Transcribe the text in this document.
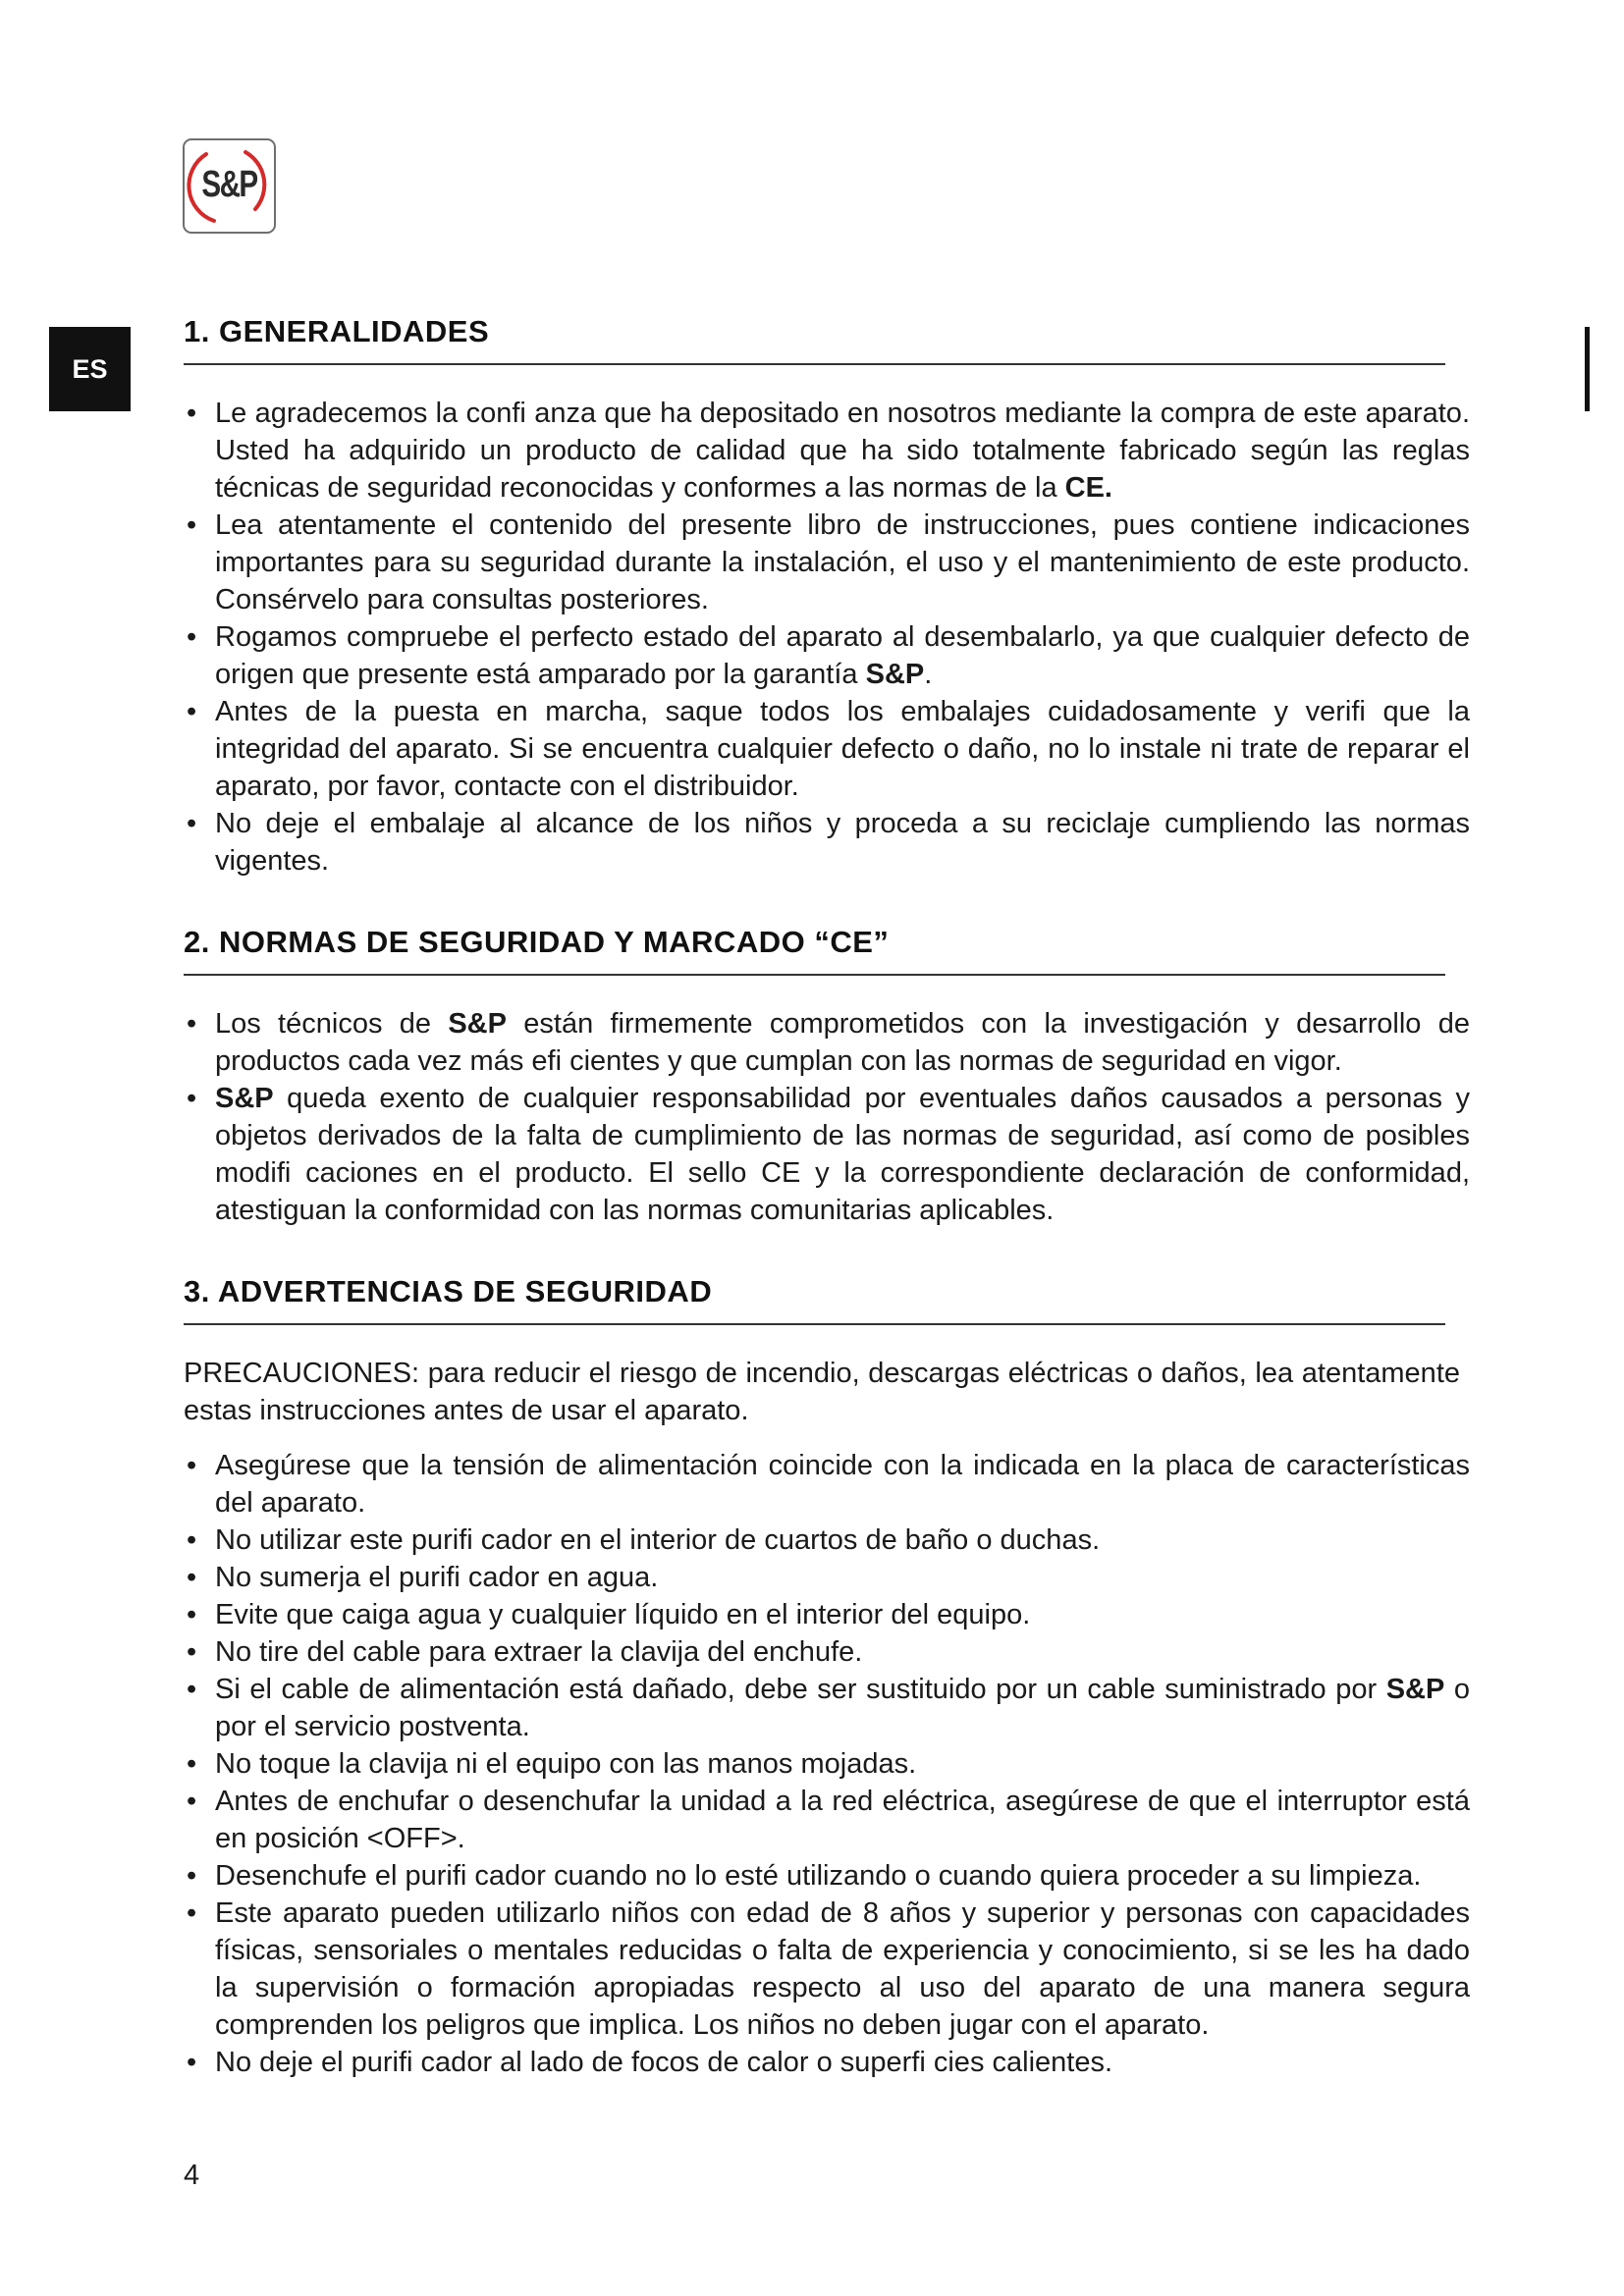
S&P
ES
1. GENERALIDADES
• Le agradecemos la confi anza que ha depositado en nosotros mediante la compra de este aparato. Usted ha adquirido un producto de calidad que ha sido totalmente fabricado según las reglas técnicas de seguridad reconocidas y conformes a las normas de la CE.
• Lea atentamente el contenido del presente libro de instrucciones, pues contiene indicaciones importantes para su seguridad durante la instalación, el uso y el mantenimiento de este producto. Consérvelo para consultas posteriores.
• Rogamos compruebe el perfecto estado del aparato al desembalarlo, ya que cualquier defecto de origen que presente está amparado por la garantía S&P.
• Antes de la puesta en marcha, saque todos los embalajes cuidadosamente y verifi que la integridad del aparato. Si se encuentra cualquier defecto o daño, no lo instale ni trate de reparar el aparato, por favor, contacte con el distribuidor.
• No deje el embalaje al alcance de los niños y proceda a su reciclaje cumpliendo las normas vigentes.
2. NORMAS DE SEGURIDAD Y MARCADO “CE”
• Los técnicos de S&P están firmemente comprometidos con la investigación y desarrollo de productos cada vez más efi cientes y que cumplan con las normas de seguridad en vigor.
• S&P queda exento de cualquier responsabilidad por eventuales daños causados a personas y objetos derivados de la falta de cumplimiento de las normas de seguridad, así como de posibles modifi caciones en el producto. El sello CE y la correspondiente declaración de conformidad, atestiguan la conformidad con las normas comunitarias aplicables.
3. ADVERTENCIAS DE SEGURIDAD

PRECAUCIONES: para reducir el riesgo de incendio, descargas eléctricas o daños, lea atentamente estas instrucciones antes de usar el aparato.

• Asegúrese que la tensión de alimentación coincide con la indicada en la placa de características del aparato.
• No utilizar este purifi cador en el interior de cuartos de baño o duchas.
• No sumerja el purifi cador en agua.
• Evite que caiga agua y cualquier líquido en el interior del equipo.
• No tire del cable para extraer la clavija del enchufe.
• Si el cable de alimentación está dañado, debe ser sustituido por un cable suministrado por S&P o por el servicio postventa.
• No toque la clavija ni el equipo con las manos mojadas.
• Antes de enchufar o desenchufar la unidad a la red eléctrica, asegúrese de que el interruptor está en posición <OFF>.
• Desenchufe el purifi cador cuando no lo esté utilizando o cuando quiera proceder a su limpieza.
• Este aparato pueden utilizarlo niños con edad de 8 años y superior y personas con capacidades físicas, sensoriales o mentales reducidas o falta de experiencia y conocimiento, si se les ha dado la supervisión o formación apropiadas respecto al uso del aparato de una manera segura comprenden los peligros que implica. Los niños no deben jugar con el aparato.
• No deje el purifi cador al lado de focos de calor o superfi cies calientes.
4
